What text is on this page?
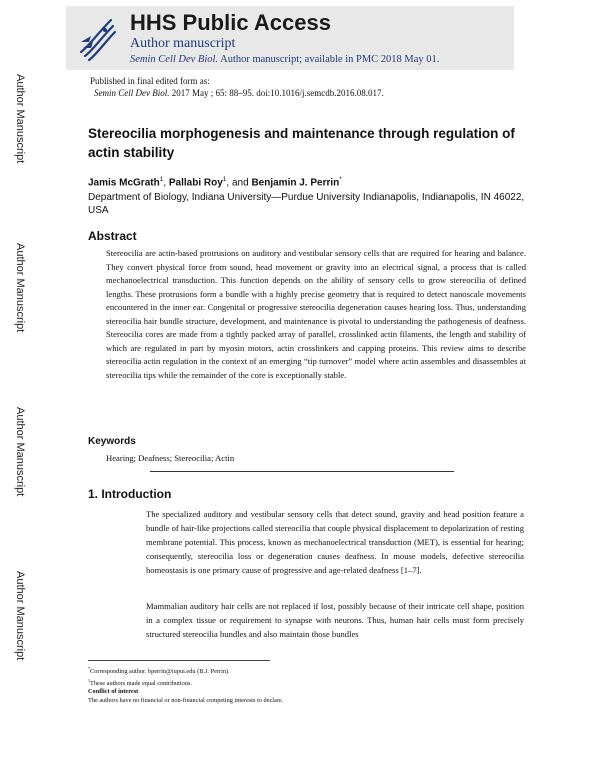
HHS Public Access
Author manuscript
Semin Cell Dev Biol. Author manuscript; available in PMC 2018 May 01.
Author Manuscript
Author Manuscript
Author Manuscript
Author Manuscript
Published in final edited form as:
Semin Cell Dev Biol. 2017 May ; 65: 88–95. doi:10.1016/j.semcdb.2016.08.017.
Stereocilia morphogenesis and maintenance through regulation of actin stability
Jamis McGrath$^1$, Pallabi Roy$^1$, and Benjamin J. Perrin*
Department of Biology, Indiana University—Purdue University Indianapolis, Indianapolis, IN 46022, USA
Abstract
Stereocilia are actin-based protrusions on auditory and vestibular sensory cells that are required for hearing and balance. They convert physical force from sound, head movement or gravity into an electrical signal, a process that is called mechanoelectrical transduction. This function depends on the ability of sensory cells to grow stereocilia of defined lengths. These protrusions form a bundle with a highly precise geometry that is required to detect nanoscale movements encountered in the inner ear. Congenital or progressive stereocilia degeneration causes hearing loss. Thus, understanding stereocilia hair bundle structure, development, and maintenance is pivotal to understanding the pathogenesis of deafness. Stereocilia cores are made from a tightly packed array of parallel, crosslinked actin filaments, the length and stability of which are regulated in part by myosin motors, actin crosslinkers and capping proteins. This review aims to describe stereocilia actin regulation in the context of an emerging “tip turnover” model where actin assembles and disassembles at stereocilia tips while the remainder of the core is exceptionally stable.
Keywords
Hearing; Deafness; Stereocilia; Actin
1. Introduction
The specialized auditory and vestibular sensory cells that detect sound, gravity and head position feature a bundle of hair-like projections called stereocilia that couple physical displacement to depolarization of resting membrane potential. This process, known as mechanoelectrical transduction (MET), is essential for hearing; consequently, stereocilia loss or degeneration causes deafness. In mouse models, defective stereocilia homeostasis is one primary cause of progressive and age-related deafness [1–7].
Mammalian auditory hair cells are not replaced if lost, possibly because of their intricate cell shape, position in a complex tissue or requirement to synapse with neurons. Thus, human hair cells must form precisely structured stereocilia bundles and also maintain those bundles
*Corresponding author. bperrin@iupui.edu (B.J. Perrin).
$^1$These authors made equal contributions.
Conflict of interest
The authors have no financial or non-financial competing interests to declare.
